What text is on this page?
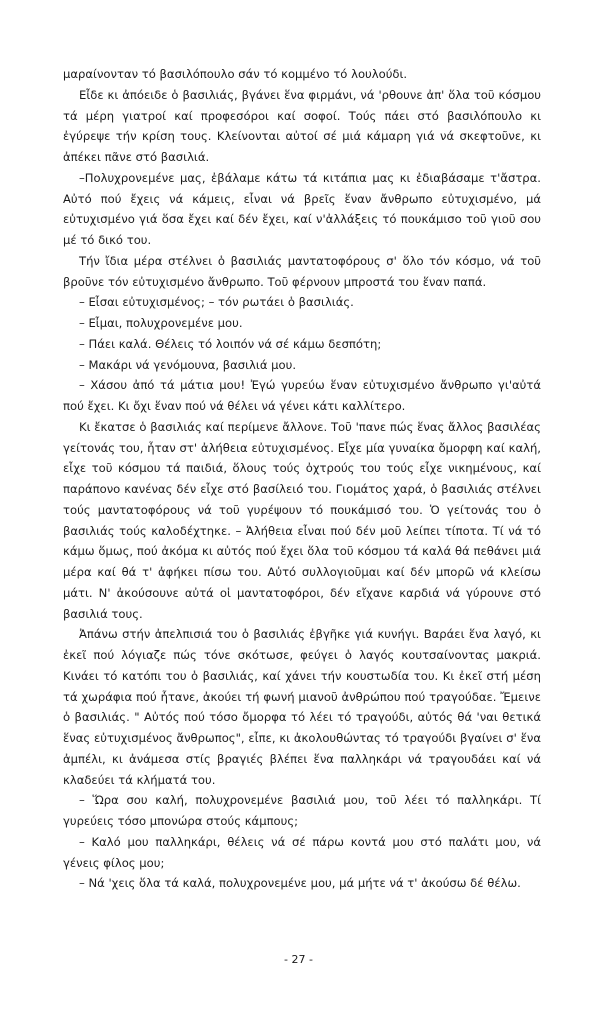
μαραίνονταν τό βασιλόπουλο σάν τό κομμένο τό λουλούδι.

Εἶδε κι ἀπόειδε ὁ βασιλιάς, βγάνει ἕνα φιρμάνι, νά 'ρθουνε ἀπ' ὅλα τοῦ κόσμου τά μέρη γιατροί καί προφεσόροι καί σοφοί. Τούς πάει στό βασιλόπουλο κι ἐγύρεψε τήν κρίση τους. Κλείνονται αὐτοί σέ μιά κάμαρη γιά νά σκεφτοῦνε, κι ἀπέκει πᾶνε στό βασιλιά.

–Πολυχρονεμένε μας, ἐβάλαμε κάτω τά κιτάπια μας κι ἐδιαβάσαμε τ'ἄστρα. Αὐτό πού ἔχεις νά κάμεις, εἶναι νά βρεῖς ἕναν ἄνθρωπο εὐτυχισμένο, μά εὐτυχισμένο γιά ὅσα ἔχει καί δέν ἔχει, καί ν'ἀλλάξεις τό πουκάμισο τοῦ γιοῦ σου μέ τό δικό του.

Τήν ἴδια μέρα στέλνει ὁ βασιλιάς μαντατοφόρους σ' ὅλο τόν κόσμο, νά τοῦ βροῦνε τόν εὐτυχισμένο ἄνθρωπο. Τοῦ φέρνουν μπροστά του ἕναν παπά.

– Εἶσαι εὐτυχισμένος; – τόν ρωτάει ὁ βασιλιάς.

– Εἶμαι, πολυχρονεμένε μου.

– Πάει καλά. Θέλεις τό λοιπόν νά σέ κάμω δεσπότη;

– Μακάρι νά γενόμουνα, βασιλιά μου.

– Χάσου ἀπό τά μάτια μου! Ἐγώ γυρεύω ἕναν εὐτυχισμένο ἄνθρωπο γι'αὐτά πού ἔχει. Κι ὄχι ἕναν πού νά θέλει νά γένει κάτι καλλίτερο.

Κι ἔκατσε ὁ βασιλιάς καί περίμενε ἄλλονε. Τοῦ 'πανε πώς ἕνας ἄλλος βασιλέας γείτονάς του, ἦταν στ' ἀλήθεια εὐτυχισμένος. Εἶχε μία γυναίκα ὄμορφη καί καλή, εἶχε τοῦ κόσμου τά παιδιά, ὅλους τούς ὀχτρούς του τούς εἶχε νικημένους, καί παράπονο κανένας δέν εἶχε στό βασίλειό του. Γιομάτος χαρά, ὁ βασιλιάς στέλνει τούς μαντατοφόρους νά τοῦ γυρέψουν τό πουκάμισό του. Ὁ γείτονάς του ὁ βασιλιάς τούς καλοδέχτηκε. – Ἀλήθεια εἶναι πού δέν μοῦ λείπει τίποτα. Τί νά τό κάμω ὅμως, πού ἀκόμα κι αὐτός πού ἔχει ὅλα τοῦ κόσμου τά καλά θά πεθάνει μιά μέρα καί θά τ' ἀφήκει πίσω του. Αὐτό συλλογιοῦμαι καί δέν μπορῶ νά κλείσω μάτι. Ν' ἀκούσουνε αὐτά οἱ μαντατοφόροι, δέν εἴχανε καρδιά νά γύρουνε στό βασιλιά τους.

Ἀπάνω στήν ἀπελπισιά του ὁ βασιλιάς ἐβγῆκε γιά κυνήγι. Βαράει ἕνα λαγό, κι ἐκεῖ πού λόγιαζε πώς τόνε σκότωσε, φεύγει ὁ λαγός κουτσαίνοντας μακριά. Κινάει τό κατόπι του ὁ βασιλιάς, καί χάνει τήν κουστωδία του. Κι ἐκεῖ στή μέση τά χωράφια πού ἦτανε, ἀκούει τή φωνή μιανοῦ ἀνθρώπου πού τραγούδαε. Ἔμεινε ὁ βασιλιάς. " Αὐτός πού τόσο ὄμορφα τό λέει τό τραγούδι, αὐτός θά 'ναι θετικά ἕνας εὐτυχισμένος ἄνθρωπος", εἶπε, κι ἀκολουθώντας τό τραγούδι βγαίνει σ' ἕνα ἀμπέλι, κι ἀνάμεσα στίς βραγιές βλέπει ἕνα παλληκάρι νά τραγουδάει καί νά κλαδεύει τά κλήματά του.

– Ὥρα σου καλή, πολυχρονεμένε βασιλιά μου, τοῦ λέει τό παλληκάρι. Τί γυρεύεις τόσο μπονώρα στούς κάμπους;

– Καλό μου παλληκάρι, θέλεις νά σέ πάρω κοντά μου στό παλάτι μου, νά γένεις φίλος μου;

– Νά 'χεις ὅλα τά καλά, πολυχρονεμένε μου, μά μήτε νά τ' ἀκούσω δέ θέλω.

- 27 -
